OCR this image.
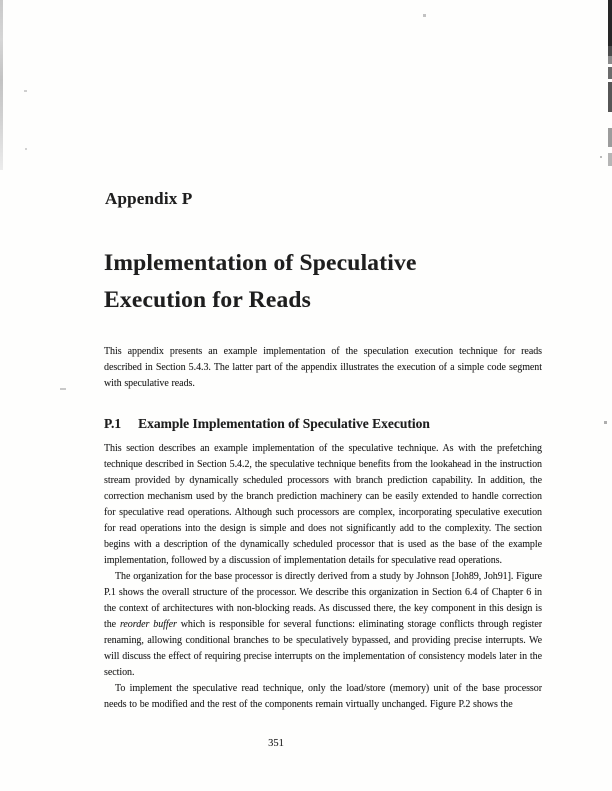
Appendix P
Implementation of Speculative
Execution for Reads

This appendix presents an example implementation of the speculation execution technique for reads described in Section 5.4.3. The latter part of the appendix illustrates the execution of a simple code segment with speculative reads.

P.1 Example Implementation of Speculative Execution

This section describes an example implementation of the speculative technique. As with the prefetching technique described in Section 5.4.2, the speculative technique benefits from the lookahead in the instruction stream provided by dynamically scheduled processors with branch prediction capability. In addition, the correction mechanism used by the branch prediction machinery can be easily extended to handle correction for speculative read operations. Although such processors are complex, incorporating speculative execution for read operations into the design is simple and does not significantly add to the complexity. The section begins with a description of the dynamically scheduled processor that is used as the base of the example implementation, followed by a discussion of implementation details for speculative read operations.

The organization for the base processor is directly derived from a study by Johnson [Joh89, Joh91]. Figure P.1 shows the overall structure of the processor. We describe this organization in Section 6.4 of Chapter 6 in the context of architectures with non-blocking reads. As discussed there, the key component in this design is the reorder buffer which is responsible for several functions: eliminating storage conflicts through register renaming, allowing conditional branches to be speculatively bypassed, and providing precise interrupts. We will discuss the effect of requiring precise interrupts on the implementation of consistency models later in the section.

To implement the speculative read technique, only the load/store (memory) unit of the base processor needs to be modified and the rest of the components remain virtually unchanged. Figure P.2 shows the

351
